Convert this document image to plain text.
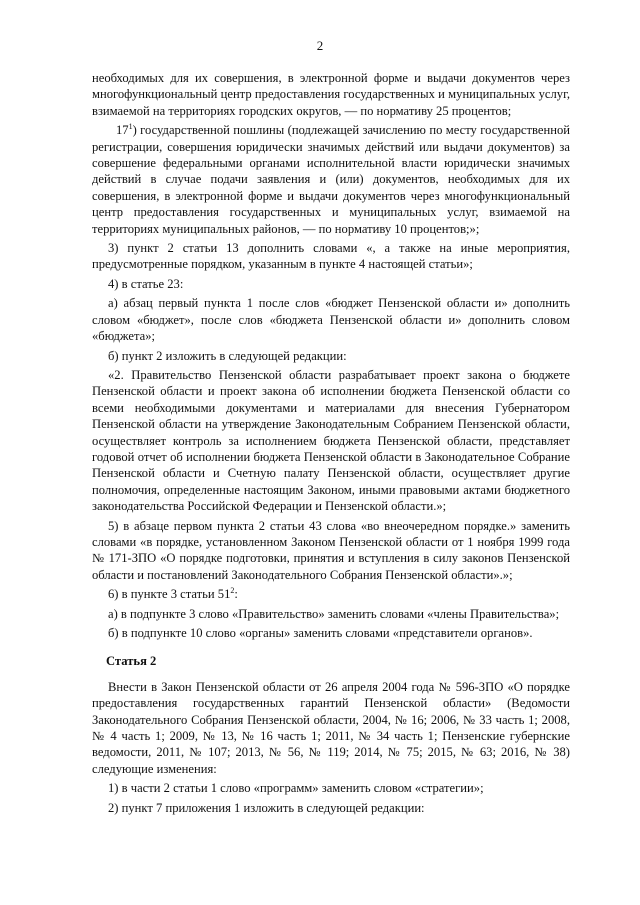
2

необходимых для их совершения, в электронной форме и выдачи документов через многофункциональный центр предоставления государственных и муниципальных услуг, взимаемой на территориях городских округов, — по нормативу 25 процентов;

$17^1$) государственной пошлины (подлежащей зачислению по месту государственной регистрации, совершения юридически значимых действий или выдачи документов) за совершение федеральными органами исполнительной власти юридически значимых действий в случае подачи заявления и (или) документов, необходимых для их совершения, в электронной форме и выдачи документов через многофункциональный центр предоставления государственных и муниципальных услуг, взимаемой на территориях муниципальных районов, — по нормативу 10 процентов;»;

3) пункт 2 статьи 13 дополнить словами «, а также на иные мероприятия, предусмотренные порядком, указанным в пункте 4 настоящей статьи»;

4) в статье 23:

а) абзац первый пункта 1 после слов «бюджет Пензенской области и» дополнить словом «бюджет», после слов «бюджета Пензенской области и» дополнить словом «бюджета»;

б) пункт 2 изложить в следующей редакции:

«2. Правительство Пензенской области разрабатывает проект закона о бюджете Пензенской области и проект закона об исполнении бюджета Пензенской области со всеми необходимыми документами и материалами для внесения Губернатором Пензенской области на утверждение Законодательным Собранием Пензенской области, осуществляет контроль за исполнением бюджета Пензенской области, представляет годовой отчет об исполнении бюджета Пензенской области в Законодательное Собрание Пензенской области и Счетную палату Пензенской области, осуществляет другие полномочия, определенные настоящим Законом, иными правовыми актами бюджетного законодательства Российской Федерации и Пензенской области.»;

5) в абзаце первом пункта 2 статьи 43 слова «во внеочередном порядке.» заменить словами «в порядке, установленном Законом Пензенской области от 1 ноября 1999 года № 171-ЗПО «О порядке подготовки, принятия и вступления в силу законов Пензенской области и постановлений Законодательного Собрания Пензенской области».»;

6) в пункте 3 статьи $51^2$:

а) в подпункте 3 слово «Правительство» заменить словами «члены Правительства»;

б) в подпункте 10 слово «органы» заменить словами «представители органов».

Статья 2

Внести в Закон Пензенской области от 26 апреля 2004 года № 596-ЗПО «О порядке предоставления государственных гарантий Пензенской области» (Ведомости Законодательного Собрания Пензенской области, 2004, № 16; 2006, № 33 часть 1; 2008, № 4 часть 1; 2009, № 13, № 16 часть 1; 2011, № 34 часть 1; Пензенские губернские ведомости, 2011, № 107; 2013, № 56, № 119; 2014, № 75; 2015, № 63; 2016, № 38) следующие изменения:

1) в части 2 статьи 1 слово «программ» заменить словом «стратегии»;

2) пункт 7 приложения 1 изложить в следующей редакции:
